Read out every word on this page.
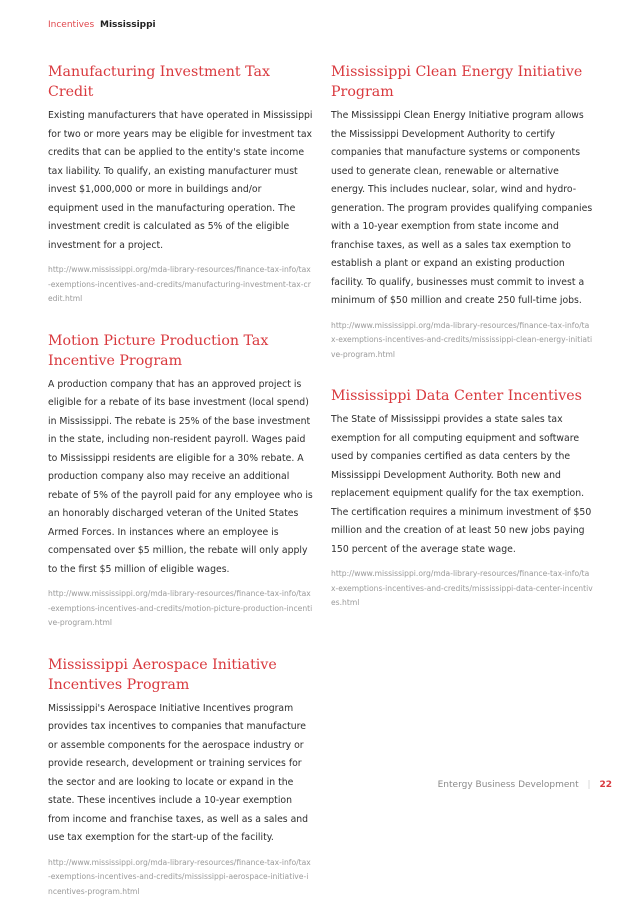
Incentives Mississippi
Manufacturing Investment Tax Credit

Existing manufacturers that have operated in Mississippi for two or more years may be eligible for investment tax credits that can be applied to the entity's state income tax liability. To qualify, an existing manufacturer must invest $1,000,000 or more in buildings and/or equipment used in the manufacturing operation. The investment credit is calculated as 5% of the eligible investment for a project.

http://www.mississippi.org/mda-library-resources/finance-tax-info/tax-exemptions-incentives-and-credits/manufacturing-investment-tax-credit.html
Motion Picture Production Tax Incentive Program

A production company that has an approved project is eligible for a rebate of its base investment (local spend) in Mississippi. The rebate is 25% of the base investment in the state, including non-resident payroll. Wages paid to Mississippi residents are eligible for a 30% rebate. A production company also may receive an additional rebate of 5% of the payroll paid for any employee who is an honorably discharged veteran of the United States Armed Forces. In instances where an employee is compensated over $5 million, the rebate will only apply to the first $5 million of eligible wages.

http://www.mississippi.org/mda-library-resources/finance-tax-info/tax-exemptions-incentives-and-credits/motion-picture-production-incentive-program.html
Mississippi Aerospace Initiative Incentives Program

Mississippi's Aerospace Initiative Incentives program provides tax incentives to companies that manufacture or assemble components for the aerospace industry or provide research, development or training services for the sector and are looking to locate or expand in the state. These incentives include a 10-year exemption from income and franchise taxes, as well as a sales and use tax exemption for the start-up of the facility.

http://www.mississippi.org/mda-library-resources/finance-tax-info/tax-exemptions-incentives-and-credits/mississippi-aerospace-initiative-incentives-program.html
Mississippi Clean Energy Initiative Program

The Mississippi Clean Energy Initiative program allows the Mississippi Development Authority to certify companies that manufacture systems or components used to generate clean, renewable or alternative energy. This includes nuclear, solar, wind and hydro-generation. The program provides qualifying companies with a 10-year exemption from state income and franchise taxes, as well as a sales tax exemption to establish a plant or expand an existing production facility. To qualify, businesses must commit to invest a minimum of $50 million and create 250 full-time jobs.

http://www.mississippi.org/mda-library-resources/finance-tax-info/tax-exemptions-incentives-and-credits/mississippi-clean-energy-initiative-program.html
Mississippi Data Center Incentives

The State of Mississippi provides a state sales tax exemption for all computing equipment and software used by companies certified as data centers by the Mississippi Development Authority. Both new and replacement equipment qualify for the tax exemption. The certification requires a minimum investment of $50 million and the creation of at least 50 new jobs paying 150 percent of the average state wage.

http://www.mississippi.org/mda-library-resources/finance-tax-info/tax-exemptions-incentives-and-credits/mississippi-data-center-incentives.html
Entergy Business Development | 22
